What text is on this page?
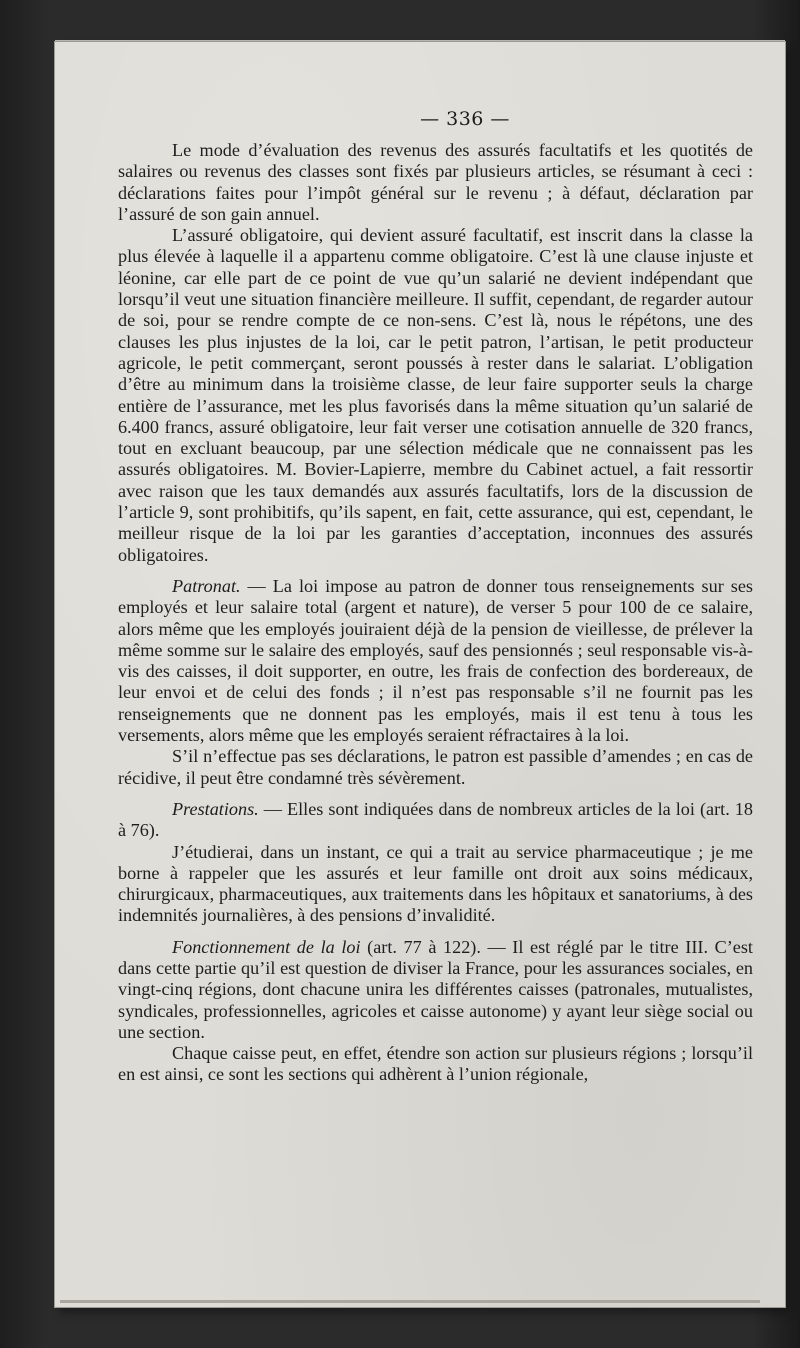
— 336 —

Le mode d’évaluation des revenus des assurés facultatifs et les quotités de salaires ou revenus des classes sont fixés par plusieurs articles, se résumant à ceci : déclarations faites pour l’impôt général sur le revenu ; à défaut, déclaration par l’assuré de son gain annuel.

L’assuré obligatoire, qui devient assuré facultatif, est inscrit dans la classe la plus élevée à laquelle il a appartenu comme obligatoire. C’est là une clause injuste et léonine, car elle part de ce point de vue qu’un salarié ne devient indépendant que lorsqu’il veut une situation financière meilleure. Il suffit, cependant, de regarder autour de soi, pour se rendre compte de ce non-sens. C’est là, nous le répétons, une des clauses les plus injustes de la loi, car le petit patron, l’artisan, le petit producteur agricole, le petit commerçant, seront poussés à rester dans le salariat. L’obligation d’être au minimum dans la troisième classe, de leur faire supporter seuls la charge entière de l’assurance, met les plus favorisés dans la même situation qu’un salarié de 6.400 francs, assuré obligatoire, leur fait verser une cotisation annuelle de 320 francs, tout en excluant beaucoup, par une sélection médicale que ne connaissent pas les assurés obligatoires. M. Bovier-Lapierre, membre du Cabinet actuel, a fait ressortir avec raison que les taux demandés aux assurés facultatifs, lors de la discussion de l’article 9, sont prohibitifs, qu’ils sapent, en fait, cette assurance, qui est, cependant, le meilleur risque de la loi par les garanties d’acceptation, inconnues des assurés obligatoires.

Patronat. — La loi impose au patron de donner tous renseignements sur ses employés et leur salaire total (argent et nature), de verser 5 pour 100 de ce salaire, alors même que les employés jouiraient déjà de la pension de vieillesse, de prélever la même somme sur le salaire des employés, sauf des pensionnés ; seul responsable vis-à-vis des caisses, il doit supporter, en outre, les frais de confection des bordereaux, de leur envoi et de celui des fonds ; il n’est pas responsable s’il ne fournit pas les renseignements que ne donnent pas les employés, mais il est tenu à tous les versements, alors même que les employés seraient réfractaires à la loi.

S’il n’effectue pas ses déclarations, le patron est passible d’amendes ; en cas de récidive, il peut être condamné très sévèrement.

Prestations. — Elles sont indiquées dans de nombreux articles de la loi (art. 18 à 76).

J’étudierai, dans un instant, ce qui a trait au service pharmaceutique ; je me borne à rappeler que les assurés et leur famille ont droit aux soins médicaux, chirurgicaux, pharmaceutiques, aux traitements dans les hôpitaux et sanatoriums, à des indemnités journalières, à des pensions d’invalidité.

Fonctionnement de la loi (art. 77 à 122). — Il est réglé par le titre III. C’est dans cette partie qu’il est question de diviser la France, pour les assurances sociales, en vingt-cinq régions, dont chacune unira les différentes caisses (patronales, mutualistes, syndicales, professionnelles, agricoles et caisse autonome) y ayant leur siège social ou une section.

Chaque caisse peut, en effet, étendre son action sur plusieurs régions ; lorsqu’il en est ainsi, ce sont les sections qui adhèrent à l’union régionale,
